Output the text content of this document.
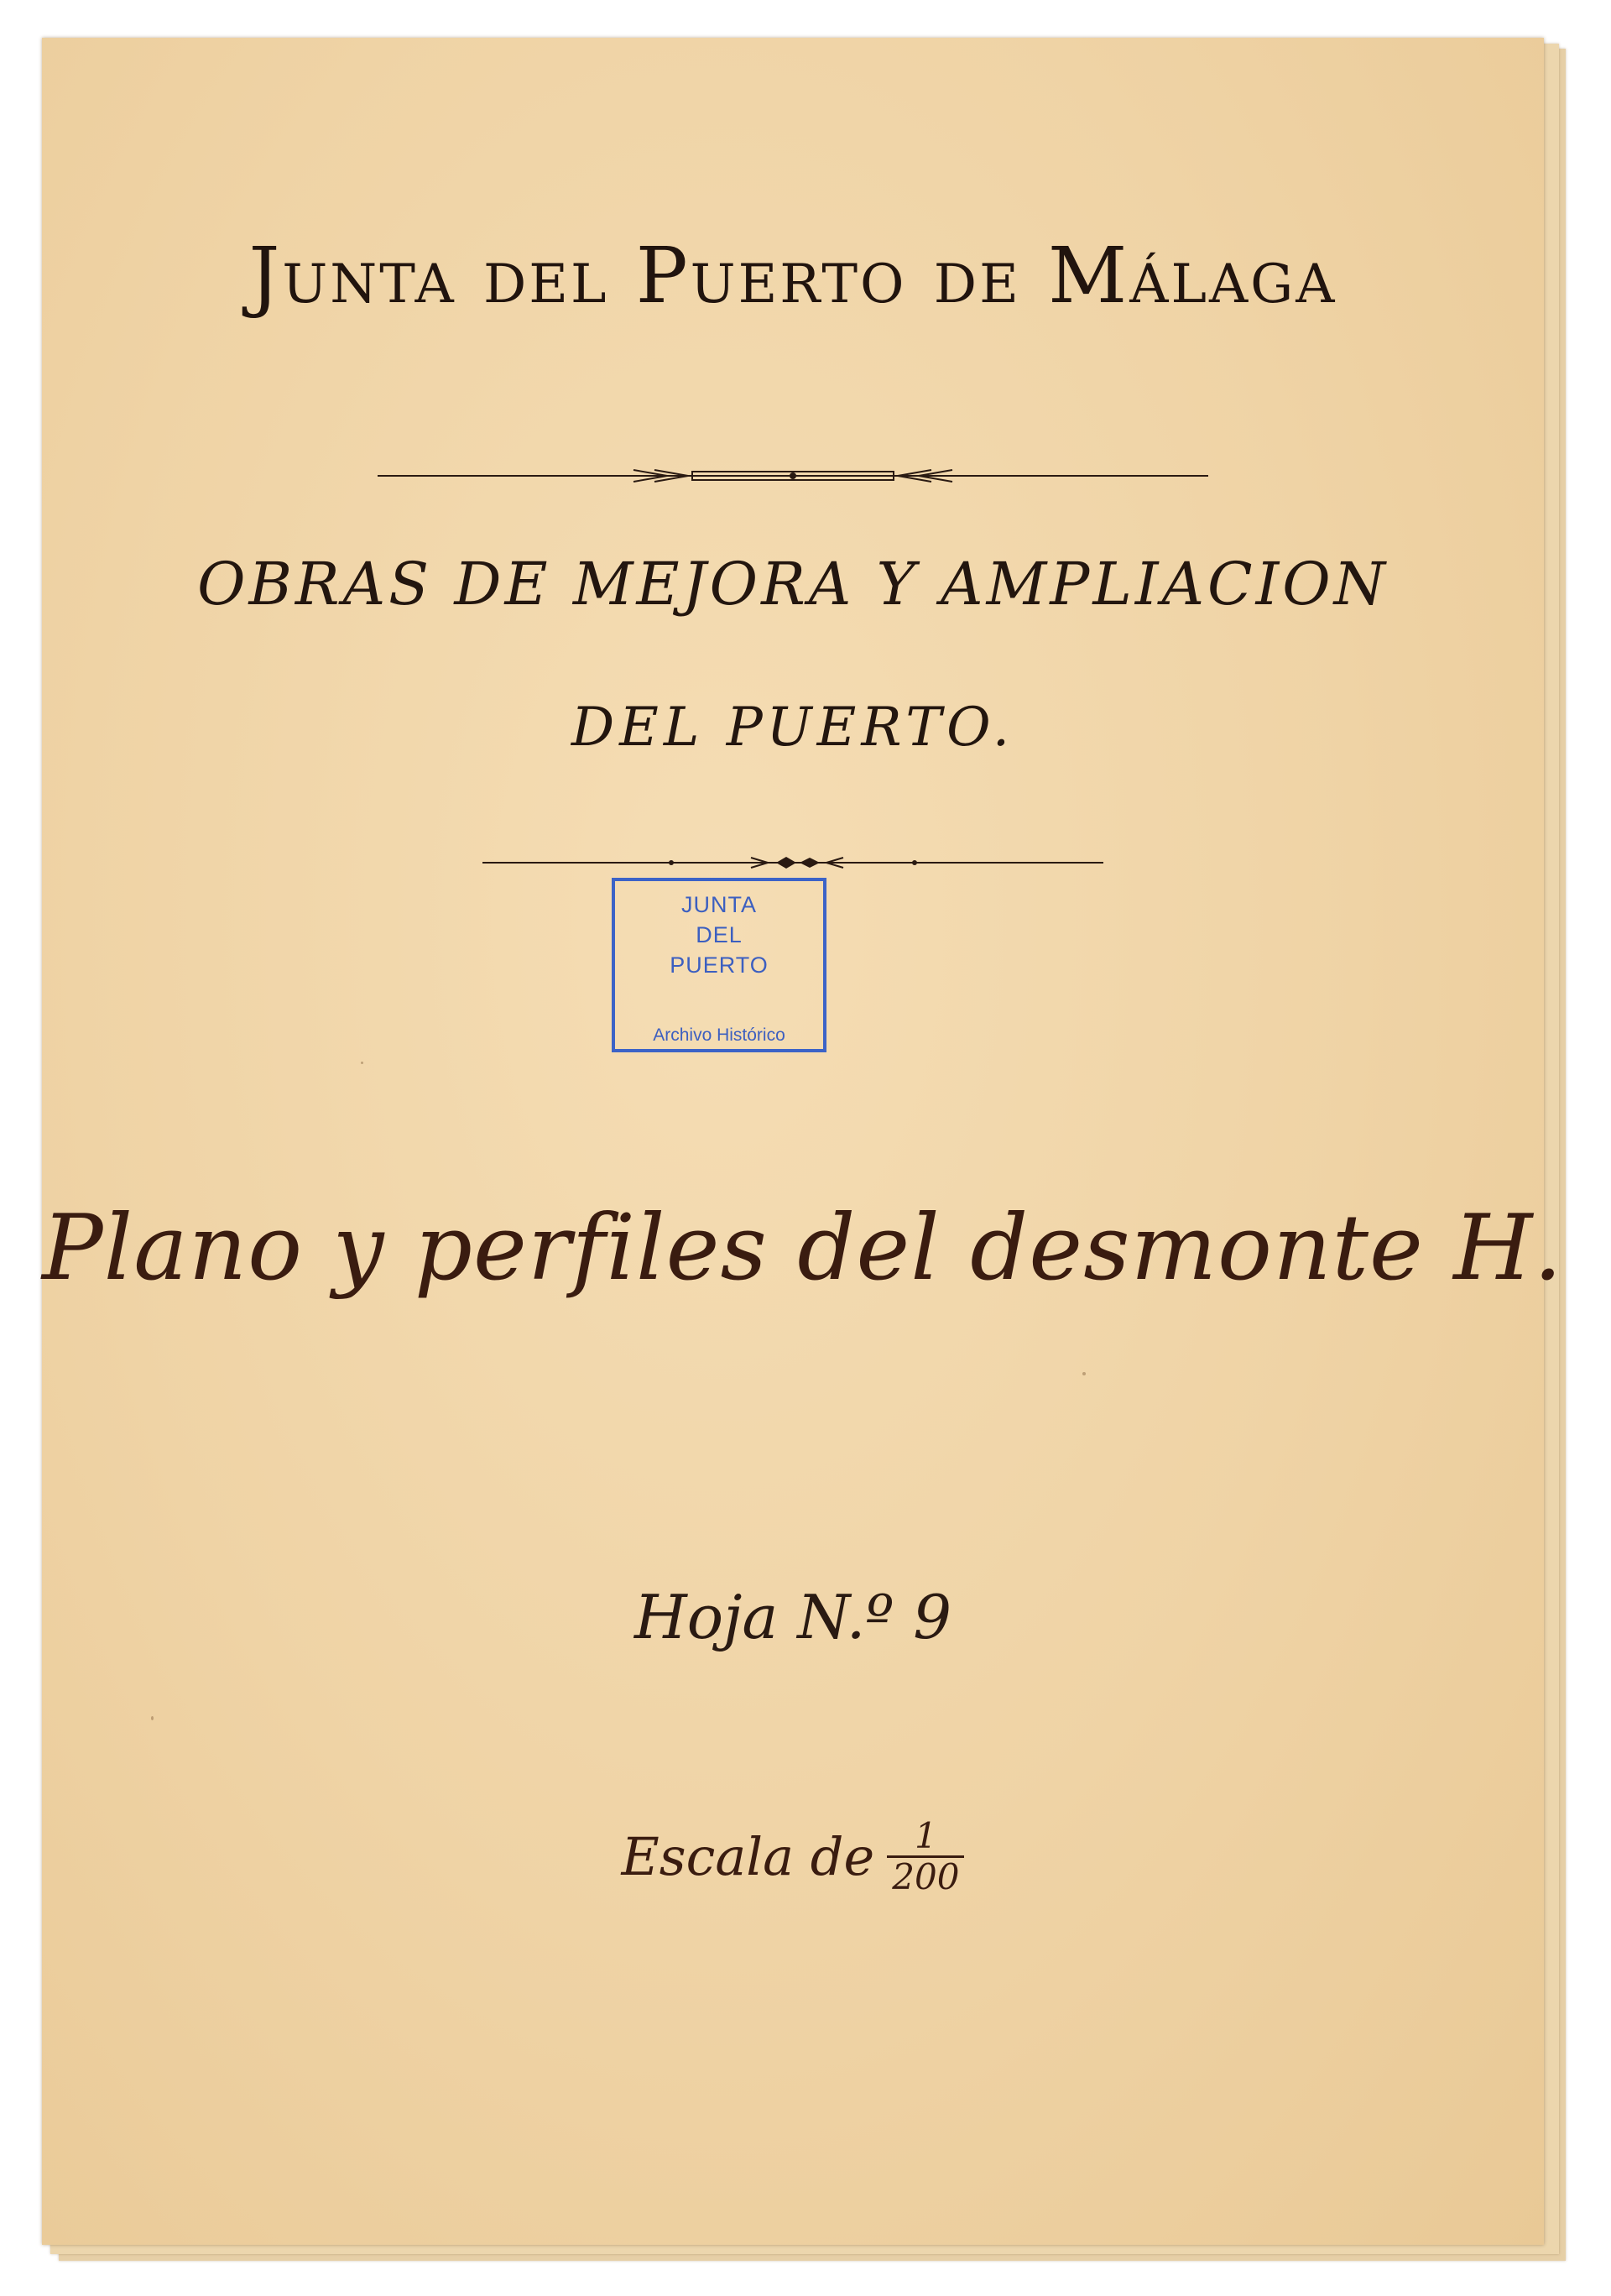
Junta del Puerto de Málaga
OBRAS DE MEJORA Y AMPLIACION
DEL PUERTO.
JUNTA
DEL
PUERTO
Archivo Histórico
Plano y perfiles del desmonte H.
Hoja N.º 9
Escala de $\frac{1}{200}$
